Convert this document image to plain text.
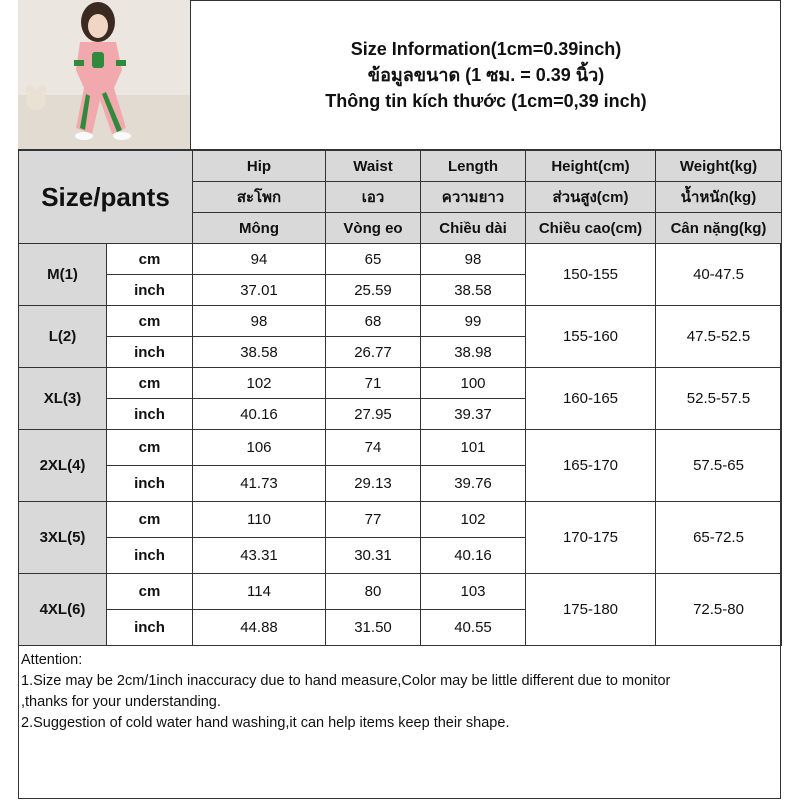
Size Information(1cm=0.39inch)
ข้อมูลขนาด (1 ซม. = 0.39 นิ้ว)
Thông tin kích thước (1cm=0,39 inch)
Size/pants		Hip	Waist	Length	Height(cm)	Weight(kg)
		สะโพก	เอว	ความยาว	ส่วนสูง(cm)	น้ำหนัก(kg)
		Mông	Vòng eo	Chiều dài	Chiều cao(cm)	Cân nặng(kg)
M(1)	cm	94	65	98	150-155	40-47.5
	inch	37.01	25.59	38.58		
L(2)	cm	98	68	99	155-160	47.5-52.5
	inch	38.58	26.77	38.98		
XL(3)	cm	102	71	100	160-165	52.5-57.5
	inch	40.16	27.95	39.37		
2XL(4)	cm	106	74	101	165-170	57.5-65
	inch	41.73	29.13	39.76		
3XL(5)	cm	110	77	102	170-175	65-72.5
	inch	43.31	30.31	40.16		
4XL(6)	cm	114	80	103	175-180	72.5-80
	inch	44.88	31.50	40.55		
Attention:
1.Size may be 2cm/1inch inaccuracy due to hand measure,Color may be little different due to monitor
,thanks for your understanding.
2.Suggestion of cold water hand washing,it can help items keep their shape.
